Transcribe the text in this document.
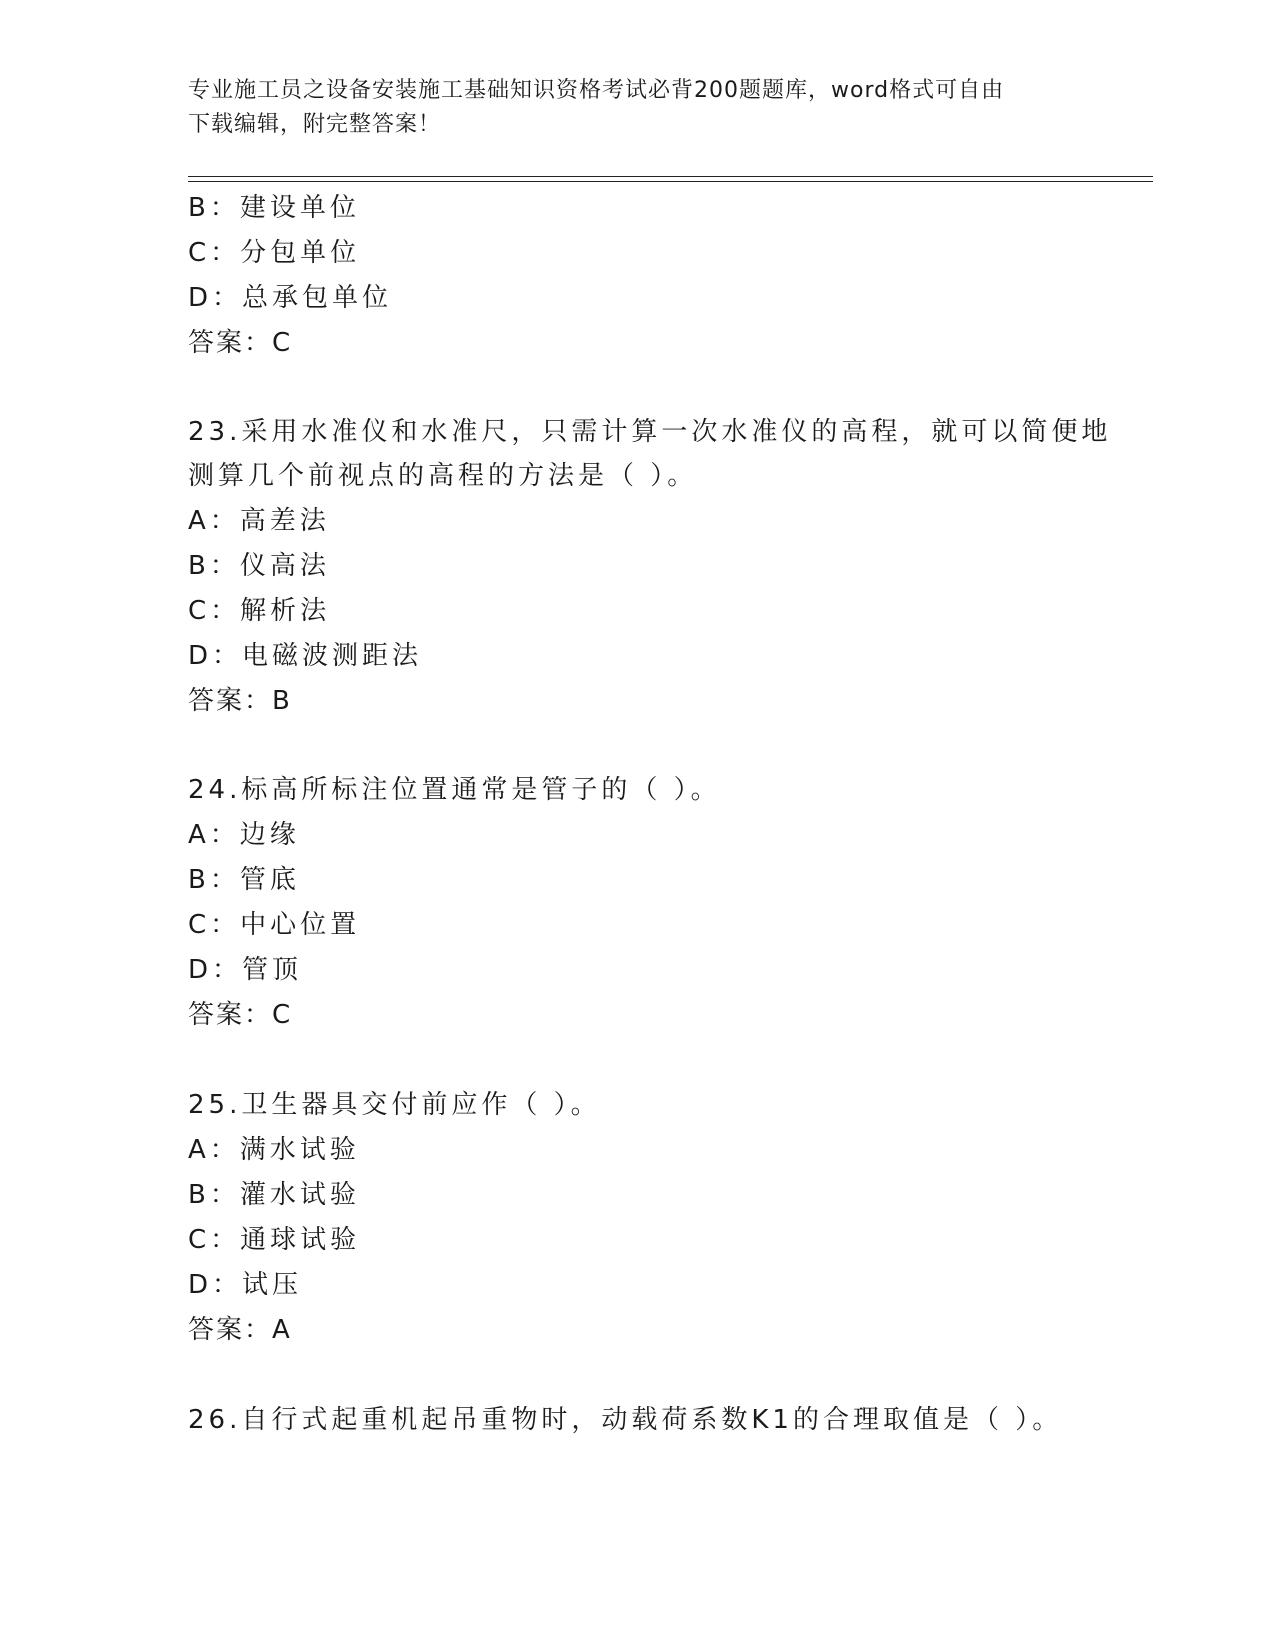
专业施工员之设备安装施工基础知识资格考试必背200题题库，word格式可自由
下载编辑，附完整答案！
B：建设单位
C：分包单位
D：总承包单位
答案：C
23.采用水准仪和水准尺，只需计算一次水准仪的高程，就可以简便地
测算几个前视点的高程的方法是（ ）。
A：高差法
B：仪高法
C：解析法
D：电磁波测距法
答案：B
24.标高所标注位置通常是管子的（ ）。
A：边缘
B：管底
C：中心位置
D：管顶
答案：C
25.卫生器具交付前应作（ ）。
A：满水试验
B：灌水试验
C：通球试验
D：试压
答案：A
26.自行式起重机起吊重物时，动载荷系数K1的合理取值是（ ）。
